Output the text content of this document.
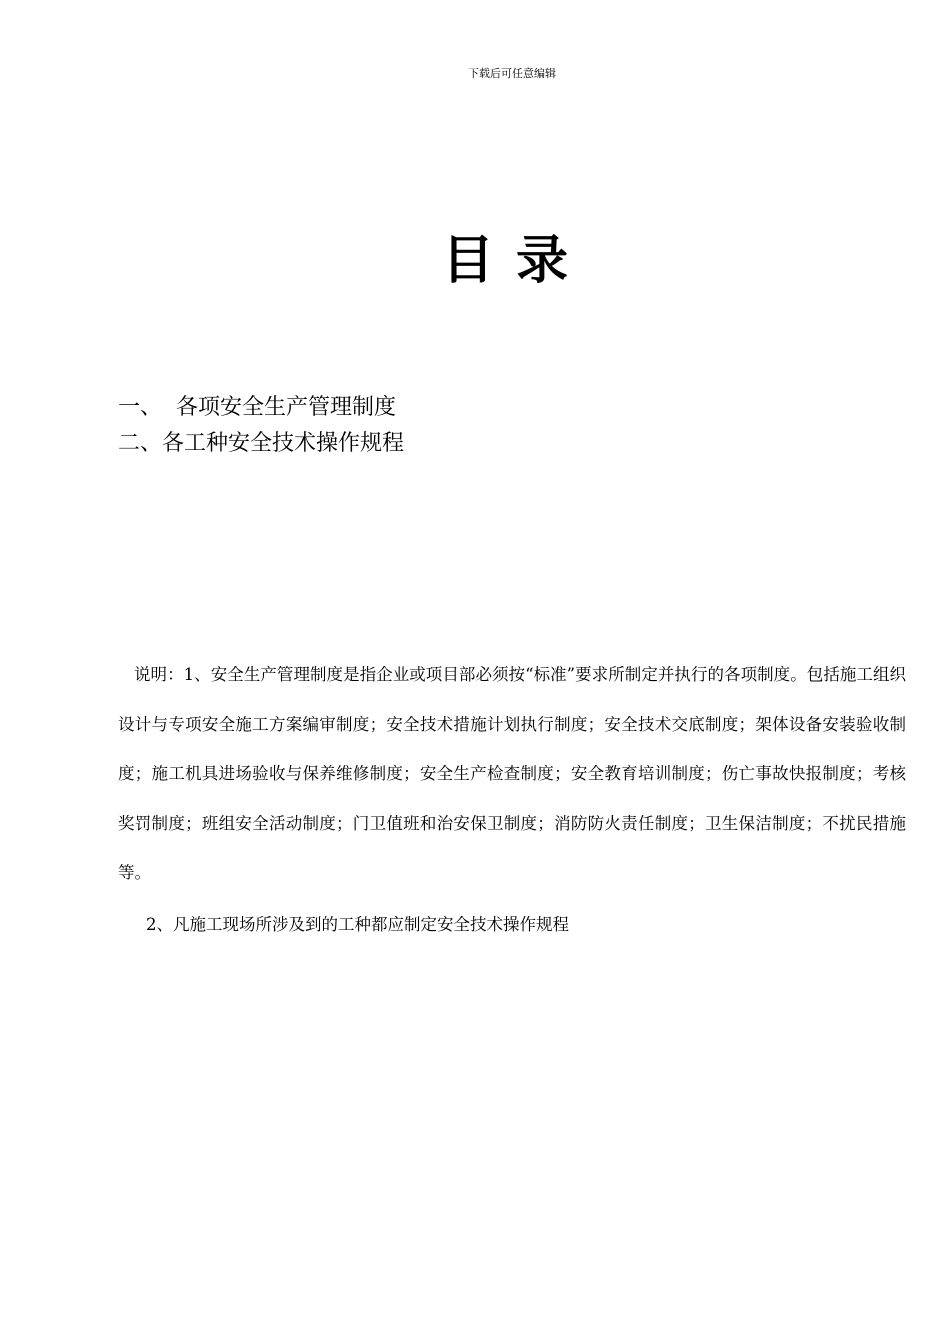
下载后可任意编辑
目录
一、 各项安全生产管理制度
二、各工种安全技术操作规程

说明：1、安全生产管理制度是指企业或项目部必须按“标准”要求所制定并执行的各项制度。包括施工组织设计与专项安全施工方案编审制度；安全技术措施计划执行制度；安全技术交底制度；架体设备安装验收制度；施工机具进场验收与保养维修制度；安全生产检查制度；安全教育培训制度；伤亡事故快报制度；考核奖罚制度；班组安全活动制度；门卫值班和治安保卫制度；消防防火责任制度；卫生保洁制度；不扰民措施等。

2、凡施工现场所涉及到的工种都应制定安全技术操作规程
